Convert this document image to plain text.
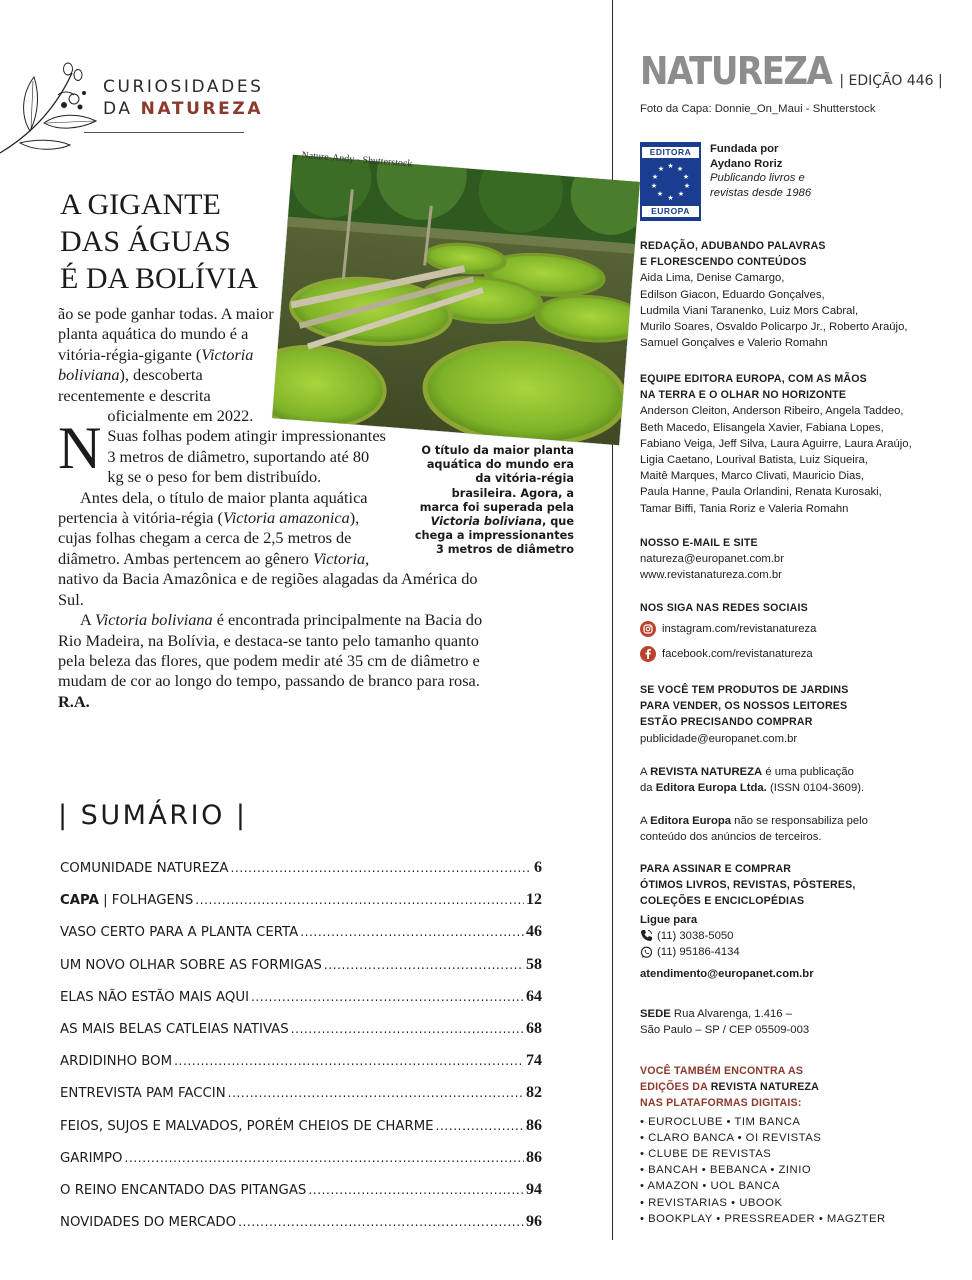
CURIOSIDADES
DA NATUREZA
A GIGANTE
DAS ÁGUAS
É DA BOLÍVIA
Nature-Andy - Shutterstock

N
ão se pode ganhar todas. A maior planta aquática do mundo é a vitória-régia-gigante (Victoria boliviana), descoberta recentemente e descrita oficialmente em 2022. Suas folhas podem atingir impressionantes 3 metros de diâmetro, suportando até 80 kg se o peso for bem distribuído.

Antes dela, o título de maior planta aquática pertencia à vitória-régia (Victoria amazonica), cujas folhas chegam a cerca de 2,5 metros de diâmetro. Ambas pertencem ao gênero Victoria, nativo da Bacia Amazônica e de regiões alagadas da América do Sul.

A Victoria boliviana é encontrada principalmente na Bacia do Rio Madeira, na Bolívia, e destaca-se tanto pelo tamanho quanto pela beleza das flores, que podem medir até 35 cm de diâmetro e mudam de cor ao longo do tempo, passando de branco para rosa. R.A.

O título da maior planta aquática do mundo era da vitória-régia brasileira. Agora, a marca foi superada pela Victoria boliviana, que chega a impressionantes 3 metros de diâmetro
| SUMÁRIO |
COMUNIDADE NATUREZA .....	6
CAPA | FOLHAGENS .....	12
VASO CERTO PARA A PLANTA CERTA .....	46
UM NOVO OLHAR SOBRE AS FORMIGAS .....	58
ELAS NÃO ESTÃO MAIS AQUI .....	64
AS MAIS BELAS CATLEIAS NATIVAS .....	68
ARDIDINHO BOM .....	74
ENTREVISTA PAM FACCIN .....	82
FEIOS, SUJOS E MALVADOS, PORÉM CHEIOS DE CHARME .....	86
GARIMPO .....	86
O REINO ENCANTADO DAS PITANGAS .....	94
NOVIDADES DO MERCADO .....	96
NATUREZA | EDIÇÃO 446 |
Foto da Capa: Donnie_On_Maui - Shutterstock
EDITORA
★ ★
★
★
★
★
★
★
★
★
EUROPA
Fundada por
Aydano Roriz
Publicando livros e
revistas desde 1986
REDAÇÃO, ADUBANDO PALAVRAS
E FLORESCENDO CONTEÚDOS
Aida Lima, Denise Camargo,
Edilson Giacon, Eduardo Gonçalves,
Ludmila Viani Taranenko, Luiz Mors Cabral,
Murilo Soares, Osvaldo Policarpo Jr., Roberto Araújo,
Samuel Gonçalves e Valerio Romahn
EQUIPE EDITORA EUROPA, COM AS MÃOS
NA TERRA E O OLHAR NO HORIZONTE
Anderson Cleiton, Anderson Ribeiro, Angela Taddeo,
Beth Macedo, Elisangela Xavier, Fabiana Lopes,
Fabiano Veiga, Jeff Silva, Laura Aguirre, Laura Araújo,
Ligia Caetano, Lourival Batista, Luiz Siqueira,
Maitê Marques, Marco Clivati, Mauricio Dias,
Paula Hanne, Paula Orlandini, Renata Kurosaki,
Tamar Biffi, Tania Roriz e Valeria Romahn
NOSSO E-MAIL E SITE
natureza@europanet.com.br
www.revistanatureza.com.br
NOS SIGA NAS REDES SOCIAIS
instagram.com/revistanatureza
facebook.com/revistanatureza
SE VOCÊ TEM PRODUTOS DE JARDINS
PARA VENDER, OS NOSSOS LEITORES
ESTÃO PRECISANDO COMPRAR
publicidade@europanet.com.br
A REVISTA NATUREZA é uma publicação
da Editora Europa Ltda. (ISSN 0104-3609).
A Editora Europa não se responsabiliza pelo
conteúdo dos anúncios de terceiros.
PARA ASSINAR E COMPRAR
ÓTIMOS LIVROS, REVISTAS, PÔSTERES,
COLEÇÕES E ENCICLOPÉDIAS
Ligue para
(11) 3038-5050
(11) 95186-4134
atendimento@europanet.com.br
SEDE Rua Alvarenga, 1.416 –
São Paulo – SP / CEP 05509-003
VOCÊ TAMBÉM ENCONTRA AS
EDIÇÕES DA REVISTA NATUREZA
NAS PLATAFORMAS DIGITAIS:
• EUROCLUBE • TIM BANCA
• CLARO BANCA • OI REVISTAS
• CLUBE DE REVISTAS
• BANCAH • BEBANCA • ZINIO
• AMAZON • UOL BANCA
• REVISTARIAS • UBOOK
• BOOKPLAY • PRESSREADER • MAGZTER
